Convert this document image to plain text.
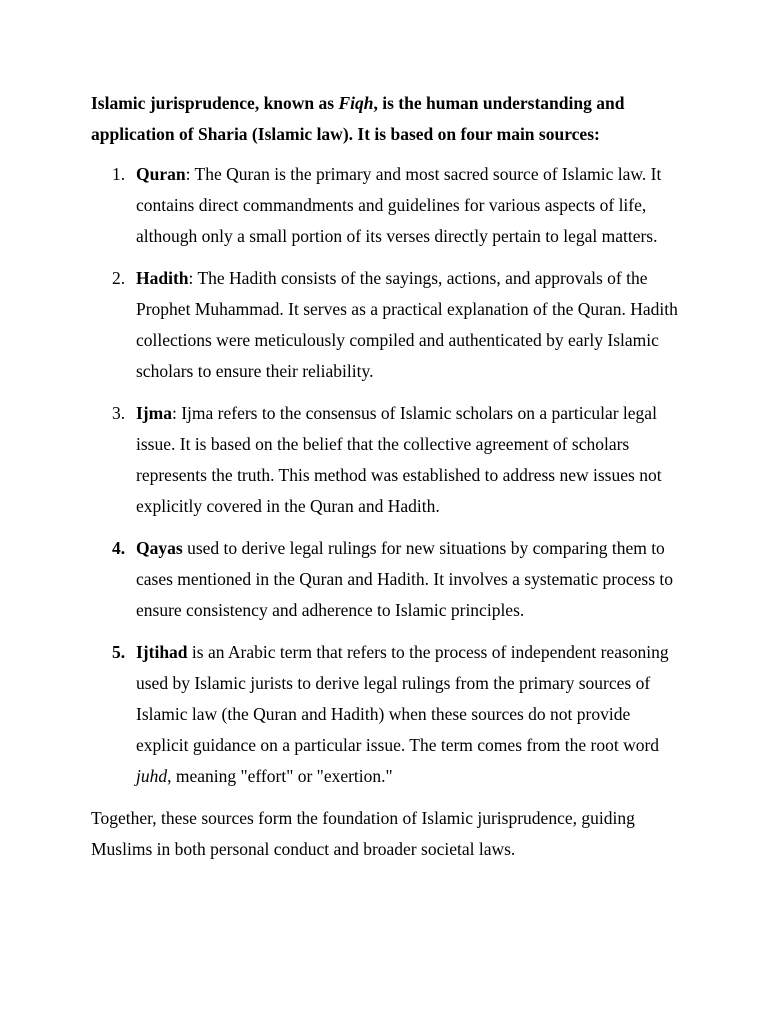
Islamic jurisprudence, known as Fiqh, is the human understanding and application of Sharia (Islamic law). It is based on four main sources:

1. Quran: The Quran is the primary and most sacred source of Islamic law. It contains direct commandments and guidelines for various aspects of life, although only a small portion of its verses directly pertain to legal matters.
2. Hadith: The Hadith consists of the sayings, actions, and approvals of the Prophet Muhammad. It serves as a practical explanation of the Quran. Hadith collections were meticulously compiled and authenticated by early Islamic scholars to ensure their reliability.
3. Ijma: Ijma refers to the consensus of Islamic scholars on a particular legal issue. It is based on the belief that the collective agreement of scholars represents the truth. This method was established to address new issues not explicitly covered in the Quran and Hadith.
4. Qayas used to derive legal rulings for new situations by comparing them to cases mentioned in the Quran and Hadith. It involves a systematic process to ensure consistency and adherence to Islamic principles.
5. Ijtihad is an Arabic term that refers to the process of independent reasoning used by Islamic jurists to derive legal rulings from the primary sources of Islamic law (the Quran and Hadith) when these sources do not provide explicit guidance on a particular issue. The term comes from the root word juhd, meaning "effort" or "exertion."

Together, these sources form the foundation of Islamic jurisprudence, guiding Muslims in both personal conduct and broader societal laws.
